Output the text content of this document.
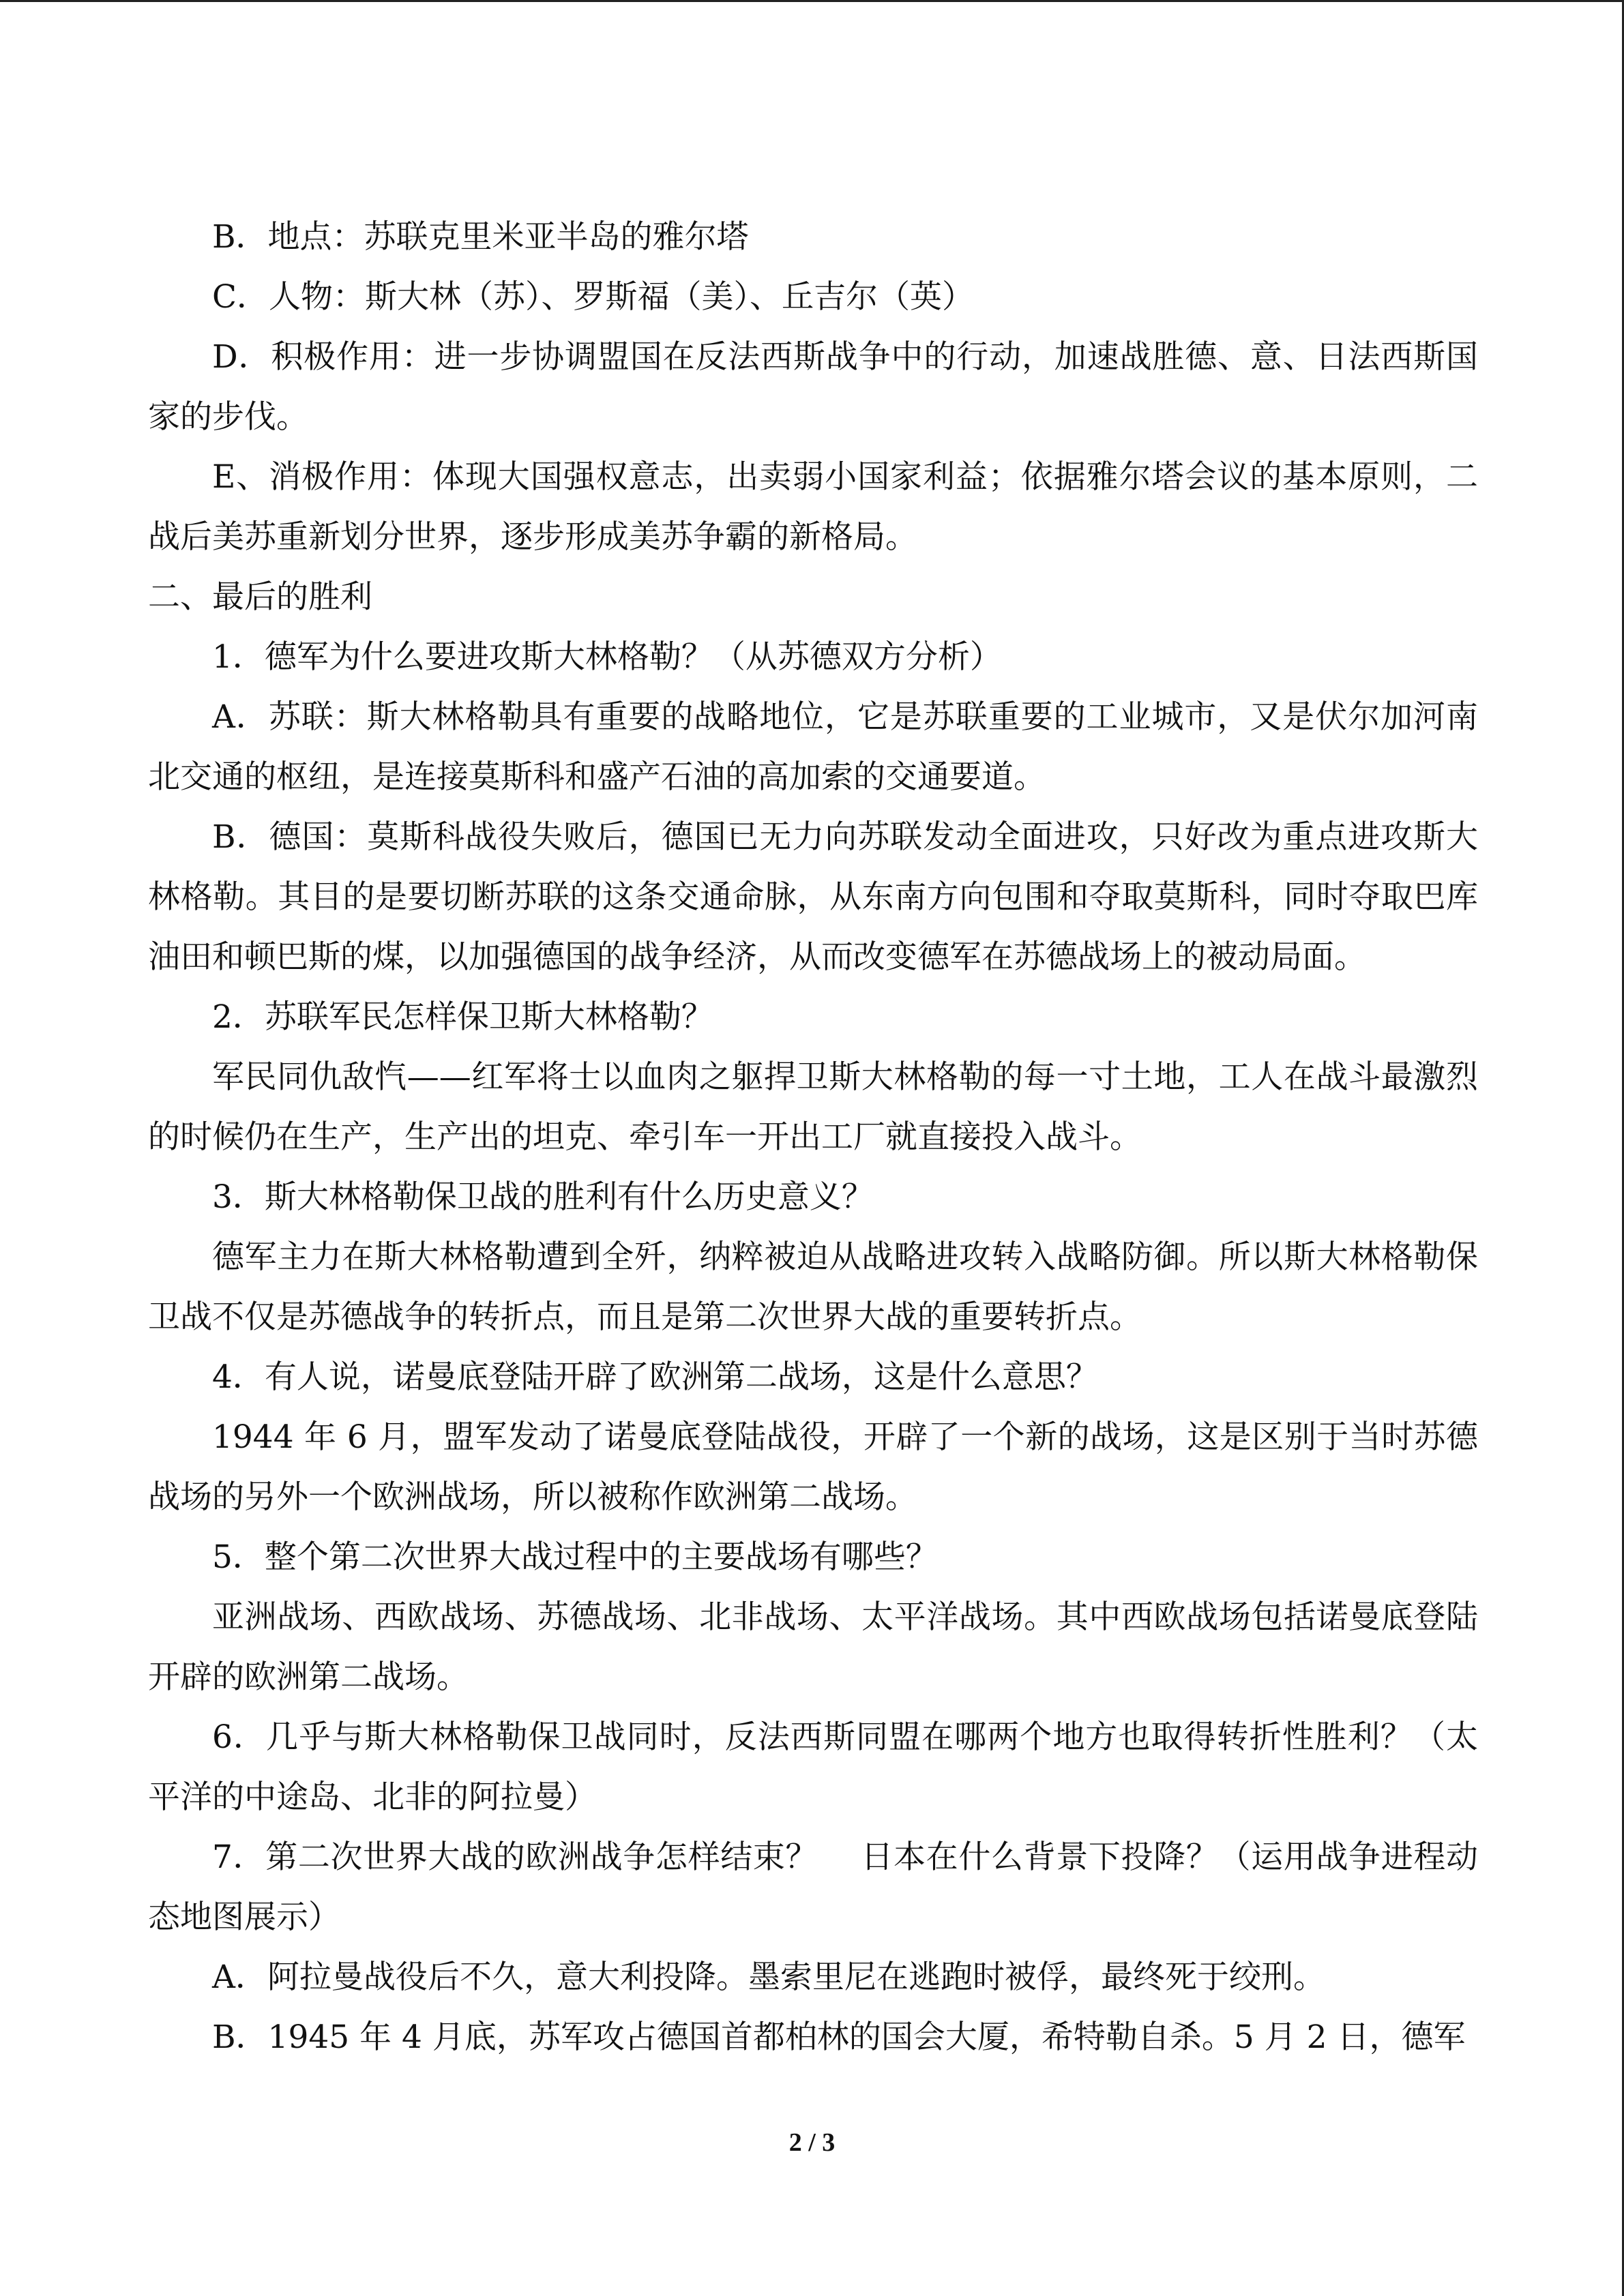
B．地点：苏联克里米亚半岛的雅尔塔

C．人物：斯大林（苏）、罗斯福（美）、丘吉尔（英）

D．积极作用：进一步协调盟国在反法西斯战争中的行动，加速战胜德、意、日法西斯国家的步伐。

E、消极作用：体现大国强权意志，出卖弱小国家利益；依据雅尔塔会议的基本原则，二战后美苏重新划分世界，逐步形成美苏争霸的新格局。

二、最后的胜利

1．德军为什么要进攻斯大林格勒？（从苏德双方分析）

A．苏联：斯大林格勒具有重要的战略地位，它是苏联重要的工业城市，又是伏尔加河南北交通的枢纽，是连接莫斯科和盛产石油的高加索的交通要道。

B．德国：莫斯科战役失败后，德国已无力向苏联发动全面进攻，只好改为重点进攻斯大林格勒。其目的是要切断苏联的这条交通命脉，从东南方向包围和夺取莫斯科，同时夺取巴库油田和顿巴斯的煤，以加强德国的战争经济，从而改变德军在苏德战场上的被动局面。

2．苏联军民怎样保卫斯大林格勒？

军民同仇敌忾——红军将士以血肉之躯捍卫斯大林格勒的每一寸土地，工人在战斗最激烈的时候仍在生产，生产出的坦克、牵引车一开出工厂就直接投入战斗。

3．斯大林格勒保卫战的胜利有什么历史意义？

德军主力在斯大林格勒遭到全歼，纳粹被迫从战略进攻转入战略防御。所以斯大林格勒保卫战不仅是苏德战争的转折点，而且是第二次世界大战的重要转折点。

4．有人说，诺曼底登陆开辟了欧洲第二战场，这是什么意思？

1944 年 6 月，盟军发动了诺曼底登陆战役，开辟了一个新的战场，这是区别于当时苏德战场的另外一个欧洲战场，所以被称作欧洲第二战场。

5．整个第二次世界大战过程中的主要战场有哪些？

亚洲战场、西欧战场、苏德战场、北非战场、太平洋战场。其中西欧战场包括诺曼底登陆开辟的欧洲第二战场。

6．几乎与斯大林格勒保卫战同时，反法西斯同盟在哪两个地方也取得转折性胜利？（太平洋的中途岛、北非的阿拉曼）

7．第二次世界大战的欧洲战争怎样结束？　 日本在什么背景下投降？（运用战争进程动态地图展示）

A．阿拉曼战役后不久，意大利投降。墨索里尼在逃跑时被俘，最终死于绞刑。

B．1945 年 4 月底，苏军攻占德国首都柏林的国会大厦，希特勒自杀。5 月 2 日，德军

2 / 3
